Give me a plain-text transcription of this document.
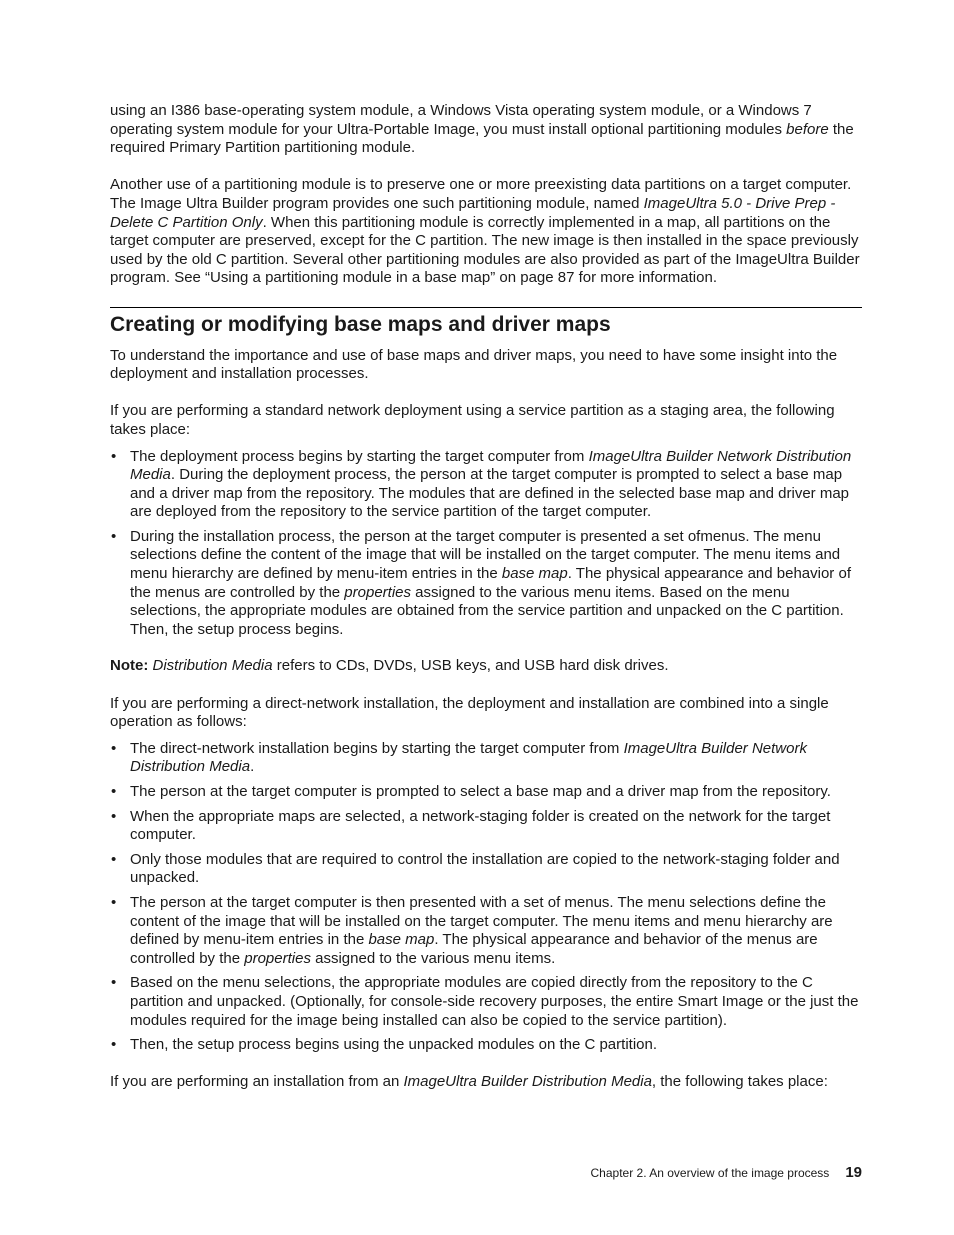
using an I386 base-operating system module, a Windows Vista operating system module, or a Windows 7 operating system module for your Ultra-Portable Image, you must install optional partitioning modules before the required Primary Partition partitioning module.

Another use of a partitioning module is to preserve one or more preexisting data partitions on a target computer. The Image Ultra Builder program provides one such partitioning module, named ImageUltra 5.0 - Drive Prep - Delete C Partition Only. When this partitioning module is correctly implemented in a map, all partitions on the target computer are preserved, except for the C partition. The new image is then installed in the space previously used by the old C partition. Several other partitioning modules are also provided as part of the ImageUltra Builder program. See “Using a partitioning module in a base map” on page 87 for more information.

Creating or modifying base maps and driver maps

To understand the importance and use of base maps and driver maps, you need to have some insight into the deployment and installation processes.

If you are performing a standard network deployment using a service partition as a staging area, the following takes place:

• The deployment process begins by starting the target computer from ImageUltra Builder Network Distribution Media. During the deployment process, the person at the target computer is prompted to select a base map and a driver map from the repository. The modules that are defined in the selected base map and driver map are deployed from the repository to the service partition of the target computer.
• During the installation process, the person at the target computer is presented a set ofmenus. The menu selections define the content of the image that will be installed on the target computer. The menu items and menu hierarchy are defined by menu-item entries in the base map. The physical appearance and behavior of the menus are controlled by the properties assigned to the various menu items. Based on the menu selections, the appropriate modules are obtained from the service partition and unpacked on the C partition. Then, the setup process begins.

Note: Distribution Media refers to CDs, DVDs, USB keys, and USB hard disk drives.

If you are performing a direct-network installation, the deployment and installation are combined into a single operation as follows:

• The direct-network installation begins by starting the target computer from ImageUltra Builder Network Distribution Media.
• The person at the target computer is prompted to select a base map and a driver map from the repository.
• When the appropriate maps are selected, a network-staging folder is created on the network for the target computer.
• Only those modules that are required to control the installation are copied to the network-staging folder and unpacked.
• The person at the target computer is then presented with a set of menus. The menu selections define the content of the image that will be installed on the target computer. The menu items and menu hierarchy are defined by menu-item entries in the base map. The physical appearance and behavior of the menus are controlled by the properties assigned to the various menu items.
• Based on the menu selections, the appropriate modules are copied directly from the repository to the C partition and unpacked. (Optionally, for console-side recovery purposes, the entire Smart Image or the just the modules required for the image being installed can also be copied to the service partition).
• Then, the setup process begins using the unpacked modules on the C partition.

If you are performing an installation from an ImageUltra Builder Distribution Media, the following takes place:

Chapter 2. An overview of the image process 19
